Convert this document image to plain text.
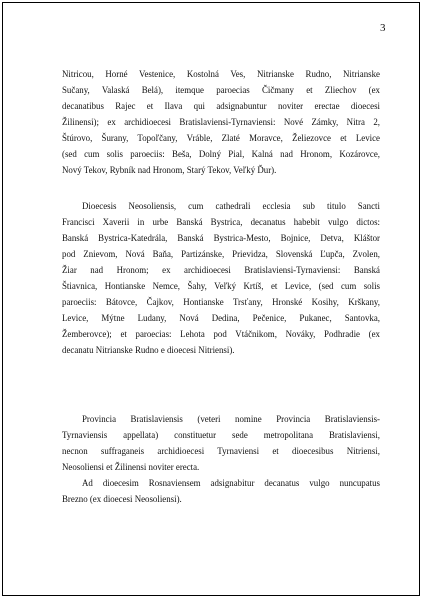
3
Nitricou, Horné Vestenice, Kostolná Ves, Nitrianske Rudno, Nitrianske
Sučany, Valaská Belá), itemque paroecias Čičmany et Zliechov (ex
decanatibus Rajec et Ilava qui adsignabuntur noviter erectae dioecesi
Žilinensi); ex archidioecesi Bratislaviensi-Tyrnaviensi: Nové Zámky, Nitra 2,
Štúrovo, Šurany, Topoľčany, Vráble, Zlaté Moravce, Želiezovce et Levice
(sed cum solis paroeciis: Beša, Dolný Pial, Kalná nad Hronom, Kozárovce,
Nový Tekov, Rybník nad Hronom, Starý Tekov, Veľký Ďur).
Dioecesis Neosoliensis, cum cathedrali ecclesia sub titulo Sancti
Francisci Xaverii in urbe Banská Bystrica, decanatus habebit vulgo dictos:
Banská Bystrica-Katedrála, Banská Bystrica-Mesto, Bojnice, Detva, Kláštor
pod Znievom, Nová Baňa, Partizánske, Prievidza, Slovenská Ľupča, Zvolen,
Žiar nad Hronom; ex archidioecesi Bratislaviensi-Tyrnaviensi: Banská
Štiavnica, Hontianske Nemce, Šahy, Veľký Krtíš, et Levice, (sed cum solis
paroeciis: Bátovce, Čajkov, Hontianske Trsťany, Hronské Kosihy, Krškany,
Levice, Mýtne Ludany, Nová Dedina, Pečenice, Pukanec, Santovka,
Žemberovce); et paroecias: Lehota pod Vtáčnikom, Nováky, Podhradie (ex
decanatu Nitrianske Rudno e dioecesi Nitriensi).
Provincia Bratislaviensis (veteri nomine Provincia Bratislaviensis-
Tyrnaviensis appellata) constituetur sede metropolitana Bratislaviensi,
necnon suffraganeis archidioecesi Tyrnaviensi et dioecesibus Nitriensi,
Neosoliensi et Žilinensi noviter erecta.
Ad dioecesim Rosnaviensem adsignabitur decanatus vulgo nuncupatus
Brezno (ex dioecesi Neosoliensi).
